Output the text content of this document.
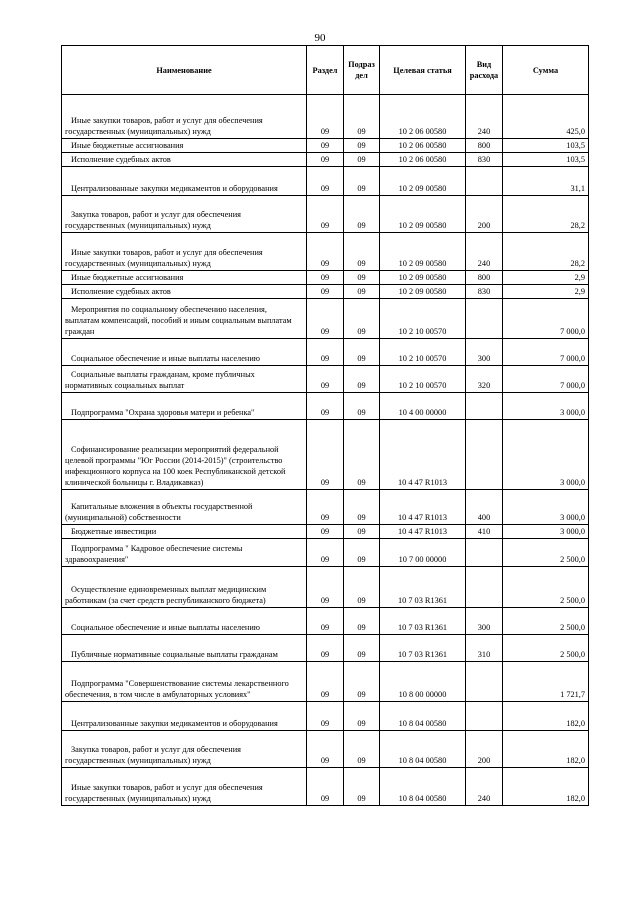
90
Наименование	Раздел	Подраз дел	Целевая статья	Вид расхода	Сумма
Иные закупки товаров, работ и услуг для обеспечения государственных (муниципальных) нужд	09	09	10 2 06 00580	240	425,0
Иные бюджетные ассигнования	09	09	10 2 06 00580	800	103,5
Исполнение судебных актов	09	09	10 2 06 00580	830	103,5
Централизованные закупки медикаментов и оборудования	09	09	10 2 09 00580		31,1
Закупка товаров, работ и услуг для обеспечения государственных (муниципальных) нужд	09	09	10 2 09 00580	200	28,2
Иные закупки товаров, работ и услуг для обеспечения государственных (муниципальных) нужд	09	09	10 2 09 00580	240	28,2
Иные бюджетные ассигнования	09	09	10 2 09 00580	800	2,9
Исполнение судебных актов	09	09	10 2 09 00580	830	2,9
Мероприятия по социальному обеспечению населения, выплатам компенсаций, пособий и иным социальным выплатам граждан	09	09	10 2 10 00570		7 000,0
Социальное обеспечение и иные выплаты населению	09	09	10 2 10 00570	300	7 000,0
Социальные выплаты гражданам, кроме публичных нормативных социальных выплат	09	09	10 2 10 00570	320	7 000,0
Подпрограмма "Охрана здоровья матери и ребенка"	09	09	10 4 00 00000		3 000,0
Софинансирование реализации мероприятий федеральной целевой программы "Юг России (2014-2015)" (строительство инфекционного корпуса на 100 коек Республиканской детской клинической больницы г. Владикавказ)	09	09	10 4 47 R1013		3 000,0
Капитальные вложения в объекты государственной (муниципальной) собственности	09	09	10 4 47 R1013	400	3 000,0
Бюджетные инвестиции	09	09	10 4 47 R1013	410	3 000,0
Подпрограмма " Кадровое обеспечение системы здравоохранения"	09	09	10 7 00 00000		2 500,0
Осуществление единовременных выплат медицинским работникам (за счет средств республиканского бюджета)	09	09	10 7 03 R1361		2 500,0
Социальное обеспечение и иные выплаты населению	09	09	10 7 03 R1361	300	2 500,0
Публичные нормативные социальные выплаты гражданам	09	09	10 7 03 R1361	310	2 500,0
Подпрограмма "Совершенствование системы лекарственного обеспечения, в том числе в амбулаторных условиях"	09	09	10 8 00 00000		1 721,7
Централизованные закупки медикаментов и оборудования	09	09	10 8 04 00580		182,0
Закупка товаров, работ и услуг для обеспечения государственных (муниципальных) нужд	09	09	10 8 04 00580	200	182,0
Иные закупки товаров, работ и услуг для обеспечения государственных (муниципальных) нужд	09	09	10 8 04 00580	240	182,0
